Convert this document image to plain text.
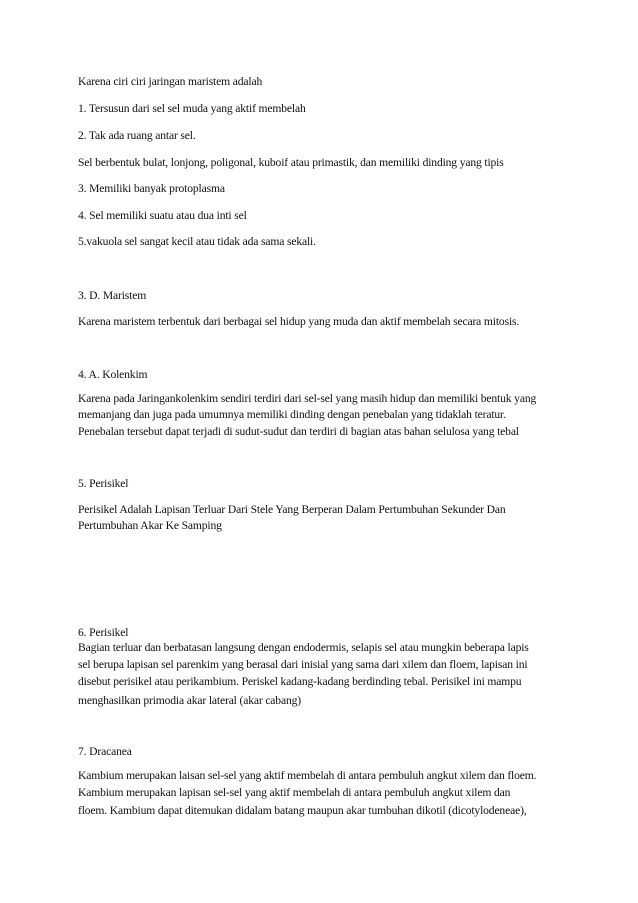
Karena ciri ciri jaringan maristem adalah

1. Tersusun dari sel sel muda yang aktif membelah

2. Tak ada ruang antar sel.

Sel berbentuk bulat, lonjong, poligonal, kuboif atau primastik, dan memiliki dinding yang tipis

3. Memiliki banyak protoplasma

4. Sel memiliki suatu atau dua inti sel

5.vakuola sel sangat kecil atau tidak ada sama sekali.

3. D. Maristem

Karena maristem terbentuk dari berbagai sel hidup yang muda dan aktif membelah secara mitosis.

4. A. Kolenkim

Karena pada Jaringankolenkim sendiri terdiri dari sel-sel yang masih hidup dan memiliki bentuk yang

memanjang dan juga pada umumnya memiliki dinding dengan penebalan yang tidaklah teratur.

Penebalan tersebut dapat terjadi di sudut-sudut dan terdiri di bagian atas bahan selulosa yang tebal

5. Perisikel

Perisikel Adalah Lapisan Terluar Dari Stele Yang Berperan Dalam Pertumbuhan Sekunder Dan

Pertumbuhan Akar Ke Samping

6. Perisikel

Bagian terluar dan berbatasan langsung dengan endodermis, selapis sel atau mungkin beberapa lapis

sel berupa lapisan sel parenkim yang berasal dari inisial yang sama dari xilem dan floem, lapisan ini

disebut perisikel atau perikambium. Periskel kadang-kadang berdinding tebal. Perisikel ini mampu

menghasilkan primodia akar lateral (akar cabang)

7. Dracanea

Kambium merupakan laisan sel-sel yang aktif membelah di antara pembuluh angkut xilem dan floem.

Kambium merupakan lapisan sel-sel yang aktif membelah di antara pembuluh angkut xilem dan

floem. Kambium dapat ditemukan didalam batang maupun akar tumbuhan dikotil (dicotylodeneae),
